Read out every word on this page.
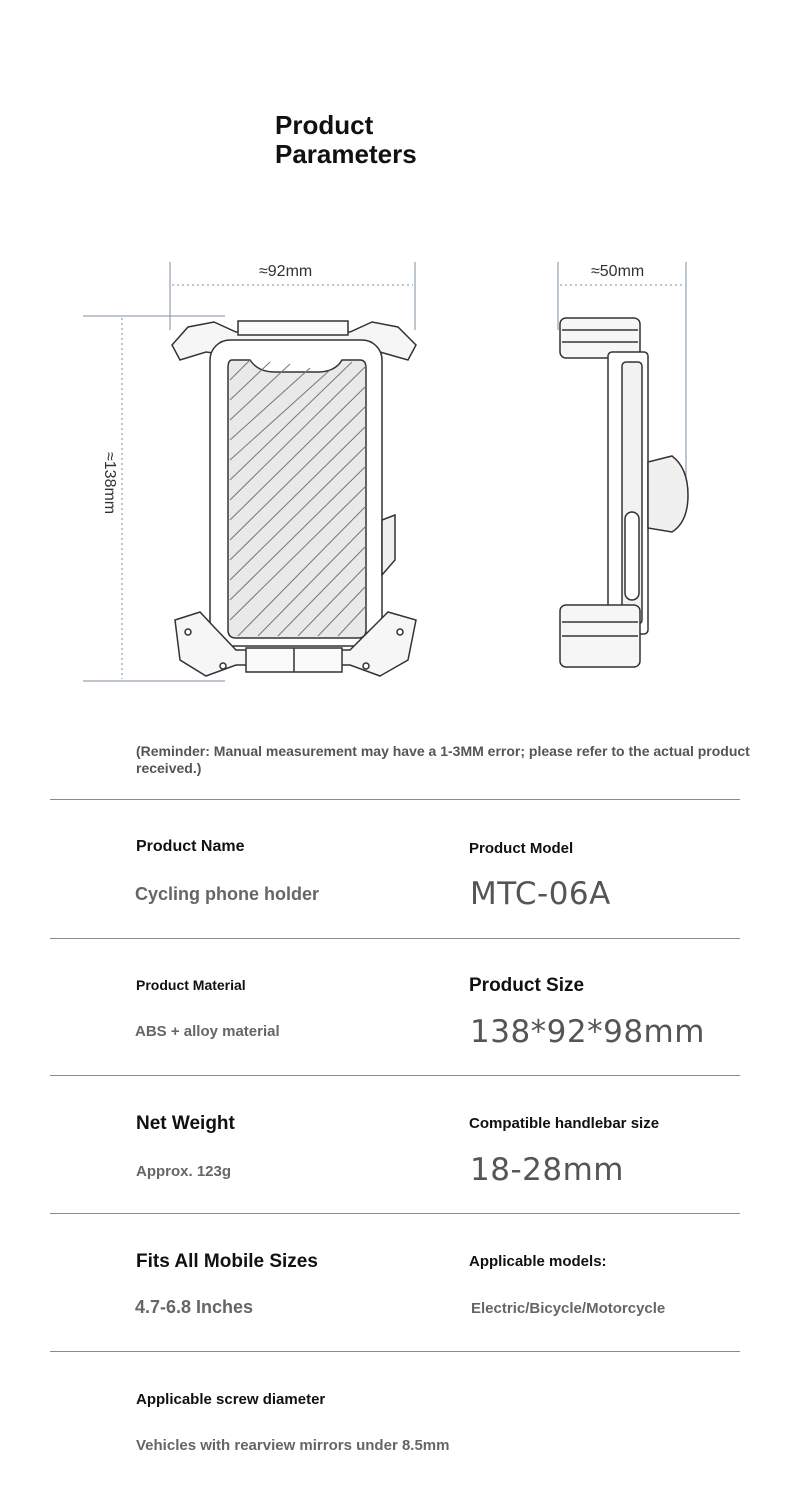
Product
Parameters
≈92mm	≈50mm
≈138mm
(Reminder: Manual measurement may have a 1-3MM error; please refer to the actual product received.)
Product Name
Cycling phone holder
Product Model
MTC-06A
Product Material
ABS + alloy material
Product Size
138*92*98mm
Net Weight
Approx. 123g
Compatible handlebar size
18-28mm
Fits All Mobile Sizes
4.7-6.8 Inches
Applicable models:
Electric/Bicycle/Motorcycle
Applicable screw diameter
Vehicles with rearview mirrors under 8.5mm
